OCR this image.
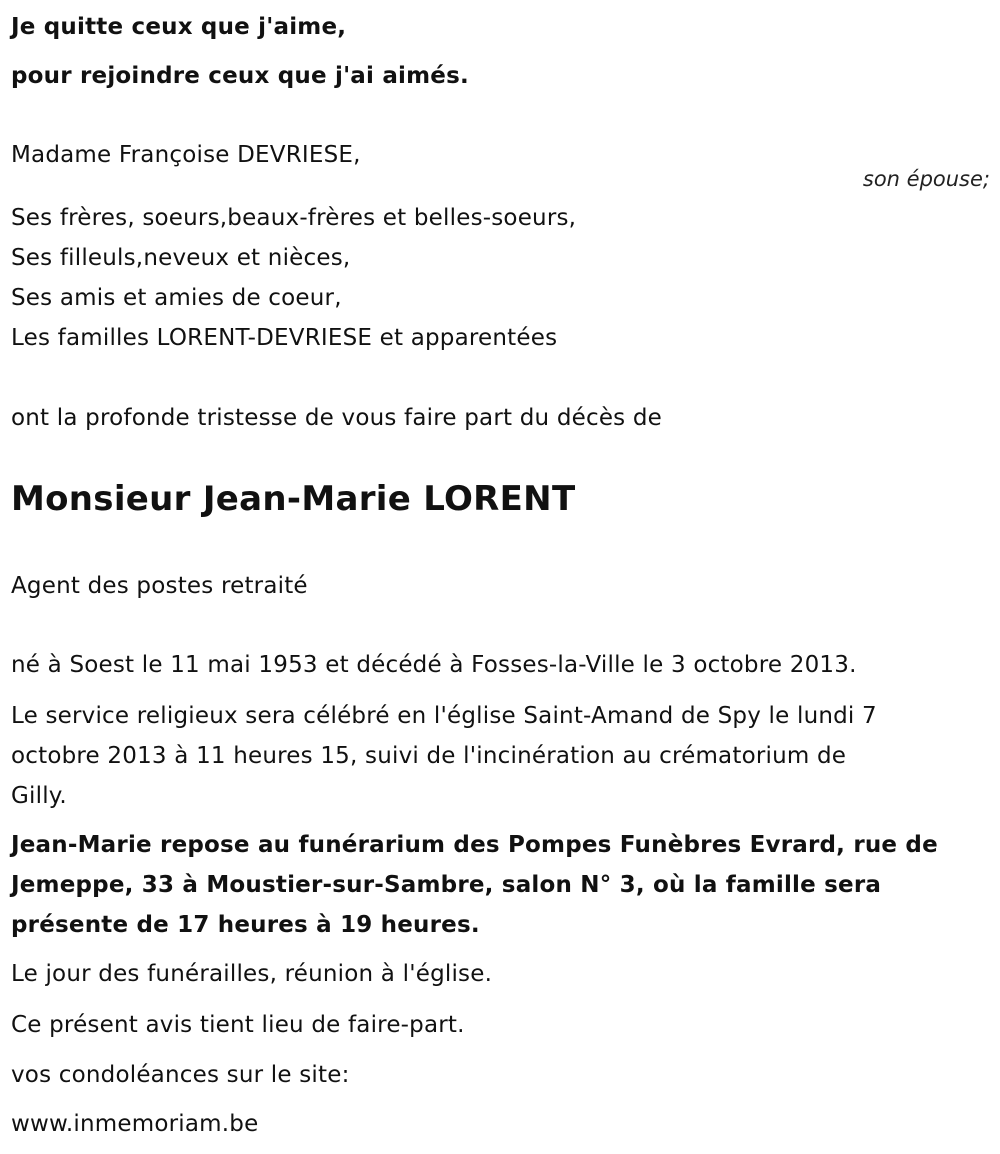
Je quitte ceux que j'aime,
pour rejoindre ceux que j'ai aimés.
Madame Françoise DEVRIESE,
son épouse;
Ses frères, soeurs,beaux-frères et belles-soeurs,
Ses filleuls,neveux et nièces,
Ses amis et amies de coeur,
Les familles LORENT-DEVRIESE et apparentées
ont la profonde tristesse de vous faire part du décès de
Monsieur Jean-Marie LORENT
Agent des postes retraité
né à Soest le 11 mai 1953 et décédé à Fosses-la-Ville le 3 octobre 2013.
Le service religieux sera célébré en l'église Saint-Amand de Spy le lundi 7
octobre 2013 à 11 heures 15, suivi de l'incinération au crématorium de
Gilly.
Jean-Marie repose au funérarium des Pompes Funèbres Evrard, rue de
Jemeppe, 33 à Moustier-sur-Sambre, salon N° 3, où la famille sera
présente de 17 heures à 19 heures.
Le jour des funérailles, réunion à l'église.
Ce présent avis tient lieu de faire-part.
vos condoléances sur le site:
www.inmemoriam.be
